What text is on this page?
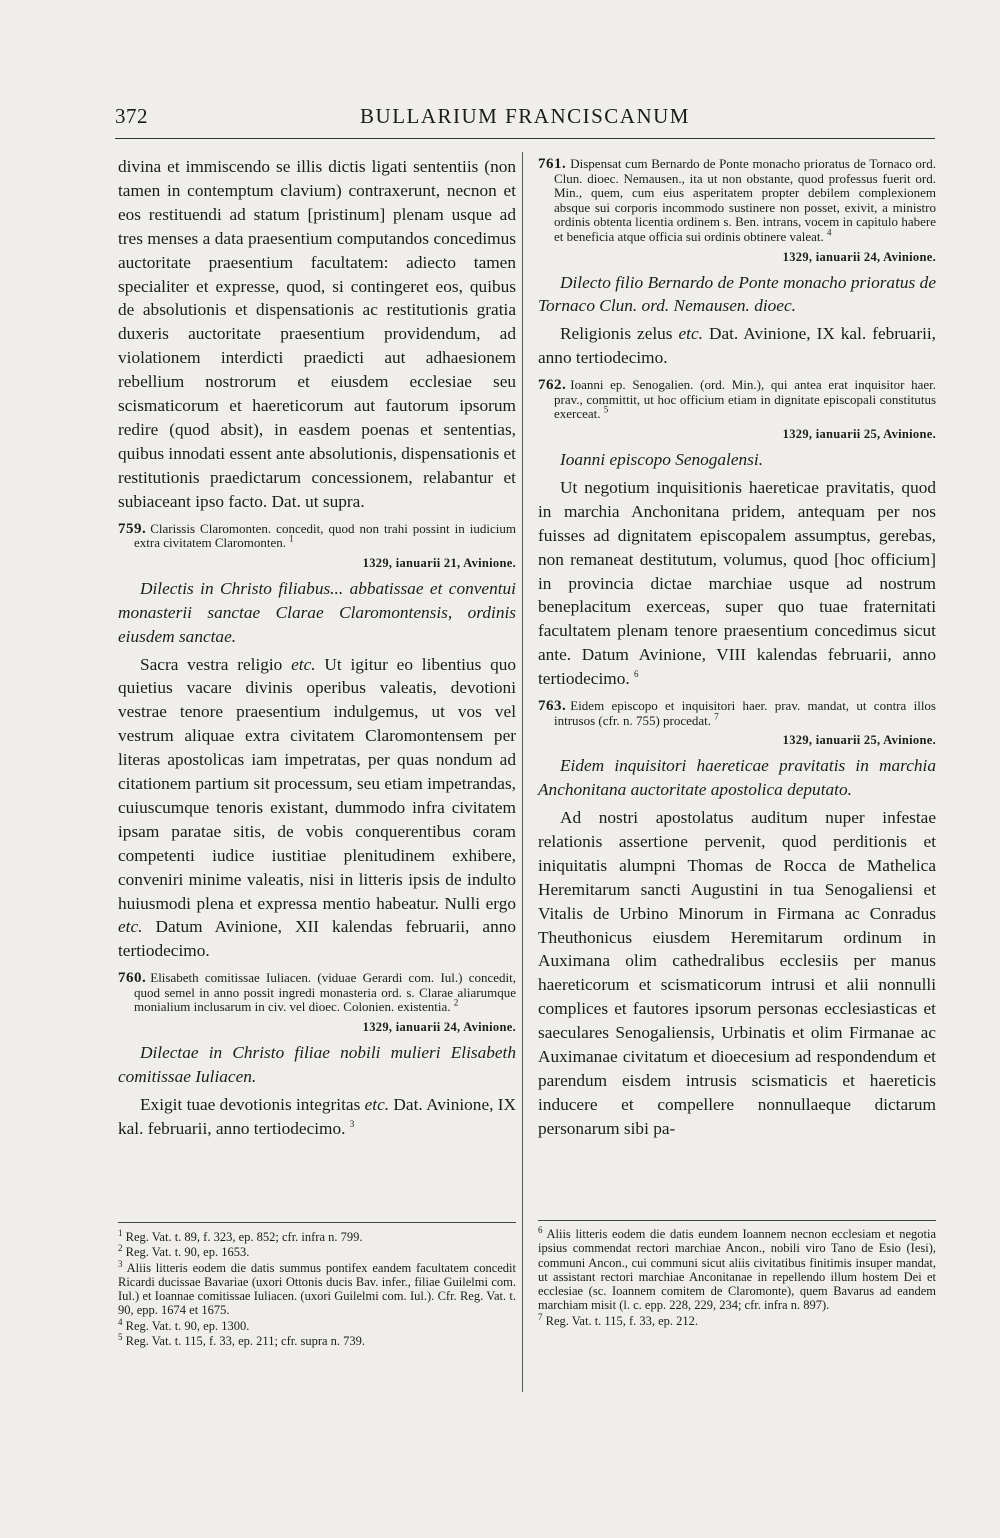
372	BULLARIUM FRANCISCANUM

divina et immiscendo se illis dictis ligati sententiis (non tamen in contemptum clavium) contraxerunt, necnon et eos restituendi ad statum [pristinum] plenam usque ad tres menses a data praesentium computandos concedimus auctoritate praesentium facultatem: adiecto tamen specialiter et expresse, quod, si contingeret eos, quibus de absolutionis et dispensationis ac restitutionis gratia duxeris auctoritate praesentium providendum, ad violationem interdicti praedicti aut adhaesionem rebellium nostrorum et eiusdem ecclesiae seu scismaticorum et haereticorum aut fautorum ipsorum redire (quod absit), in easdem poenas et sententias, quibus innodati essent ante absolutionis, dispensationis et restitutionis praedictarum concessionem, relabantur et subiaceant ipso facto. Dat. ut supra.

759. Clarissis Claromonten. concedit, quod non trahi possint in iudicium extra civitatem Claromonten. $^1$

1329, ianuarii 21, Avinione.

Dilectis in Christo filiabus... abbatissae et conventui monasterii sanctae Clarae Claromontensis, ordinis eiusdem sanctae.

Sacra vestra religio etc. Ut igitur eo libentius quo quietius vacare divinis operibus valeatis, devotioni vestrae tenore praesentium indulgemus, ut vos vel vestrum aliquae extra civitatem Claromontensem per literas apostolicas iam impetratas, per quas nondum ad citationem partium sit processum, seu etiam impetrandas, cuiuscumque tenoris existant, dummodo infra civitatem ipsam paratae sitis, de vobis conquerentibus coram competenti iudice iustitiae plenitudinem exhibere, conveniri minime valeatis, nisi in litteris ipsis de indulto huiusmodi plena et expressa mentio habeatur. Nulli ergo etc. Datum Avinione, XII kalendas februarii, anno tertiodecimo.

760. Elisabeth comitissae Iuliacen. (viduae Gerardi com. Iul.) concedit, quod semel in anno possit ingredi monasteria ord. s. Clarae aliarumque monialium inclusarum in civ. vel dioec. Colonien. existentia. $^2$

1329, ianuarii 24, Avinione.

Dilectae in Christo filiae nobili mulieri Elisabeth comitissae Iuliacen.

Exigit tuae devotionis integritas etc. Dat. Avinione, IX kal. februarii, anno tertiodecimo. $^3$

$^1$ Reg. Vat. t. 89, f. 323, ep. 852; cfr. infra n. 799.

$^2$ Reg. Vat. t. 90, ep. 1653.

$^3$ Aliis litteris eodem die datis summus pontifex eandem facultatem concedit Ricardi ducissae Bavariae (uxori Ottonis ducis Bav. infer., filiae Guilelmi com. Iul.) et Ioannae comitissae Iuliacen. (uxori Guilelmi com. Iul.). Cfr. Reg. Vat. t. 90, epp. 1674 et 1675.

$^4$ Reg. Vat. t. 90, ep. 1300.

$^5$ Reg. Vat. t. 115, f. 33, ep. 211; cfr. supra n. 739.

761. Dispensat cum Bernardo de Ponte monacho prioratus de Tornaco ord. Clun. dioec. Nemausen., ita ut non obstante, quod professus fuerit ord. Min., quem, cum eius asperitatem propter debilem complexionem absque sui corporis incommodo sustinere non posset, exivit, a ministro ordinis obtenta licentia ordinem s. Ben. intrans, vocem in capitulo habere et beneficia atque officia sui ordinis obtinere valeat. $^4$

1329, ianuarii 24, Avinione.

Dilecto filio Bernardo de Ponte monacho prioratus de Tornaco Clun. ord. Nemausen. dioec.

Religionis zelus etc. Dat. Avinione, IX kal. februarii, anno tertiodecimo.

762. Ioanni ep. Senogalien. (ord. Min.), qui antea erat inquisitor haer. prav., committit, ut hoc officium etiam in dignitate episcopali constitutus exerceat. $^5$

1329, ianuarii 25, Avinione.

Ioanni episcopo Senogalensi.

Ut negotium inquisitionis haereticae pravitatis, quod in marchia Anchonitana pridem, antequam per nos fuisses ad dignitatem episcopalem assumptus, gerebas, non remaneat destitutum, volumus, quod [hoc officium] in provincia dictae marchiae usque ad nostrum beneplacitum exerceas, super quo tuae fraternitati facultatem plenam tenore praesentium concedimus sicut ante. Datum Avinione, VIII kalendas februarii, anno tertiodecimo. $^6$

763. Eidem episcopo et inquisitori haer. prav. mandat, ut contra illos intrusos (cfr. n. 755) procedat. $^7$

1329, ianuarii 25, Avinione.

Eidem inquisitori haereticae pravitatis in marchia Anchonitana auctoritate apostolica deputato.

Ad nostri apostolatus auditum nuper infestae relationis assertione pervenit, quod perditionis et iniquitatis alumpni Thomas de Rocca de Mathelica Heremitarum sancti Augustini in tua Senogaliensi et Vitalis de Urbino Minorum in Firmana ac Conradus Theuthonicus eiusdem Heremitarum ordinum in Auximana olim cathedralibus ecclesiis per manus haereticorum et scismaticorum intrusi et alii nonnulli complices et fautores ipsorum personas ecclesiasticas et saeculares Senogaliensis, Urbinatis et olim Firmanae ac Auximanae civitatum et dioecesium ad respondendum et parendum eisdem intrusis scismaticis et haereticis inducere et compellere nonnullaeque dictarum personarum sibi pa-

$^6$ Aliis litteris eodem die datis eundem Ioannem necnon ecclesiam et negotia ipsius commendat rectori marchiae Ancon., nobili viro Tano de Esio (Iesi), communi Ancon., cui communi sicut aliis civitatibus finitimis insuper mandat, ut assistant rectori marchiae Anconitanae in repellendo illum hostem Dei et ecclesiae (sc. Ioannem comitem de Claromonte), quem Bavarus ad eandem marchiam misit (l. c. epp. 228, 229, 234; cfr. infra n. 897).

$^7$ Reg. Vat. t. 115, f. 33, ep. 212.
